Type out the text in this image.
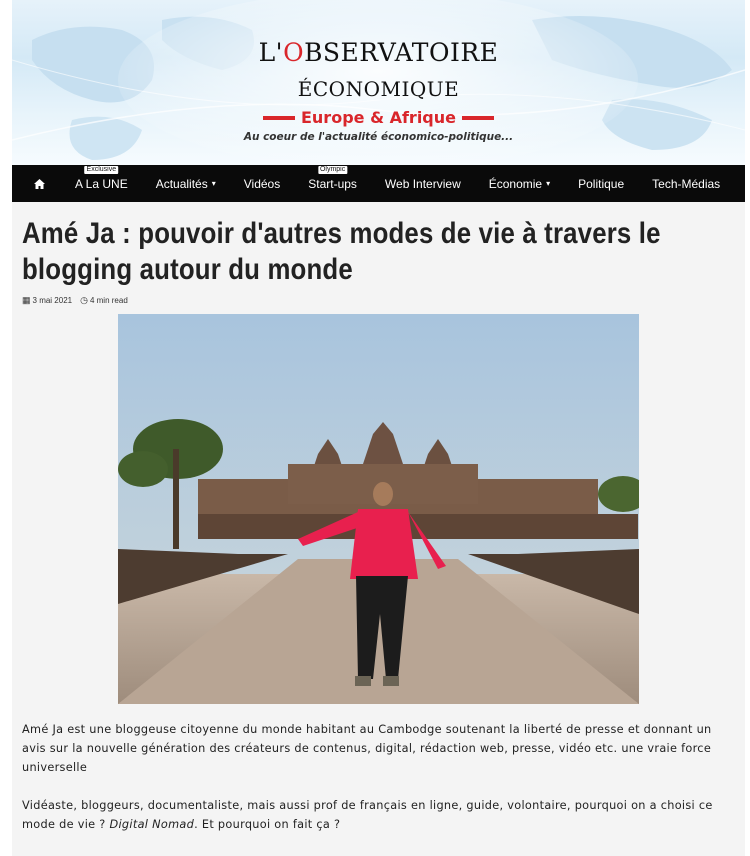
L'OBSERVATOIRE
ÉCONOMIQUE
Europe & Afrique
Au coeur de l'actualité économico-politique...
Exclusive
A La UNE Actualités ▾ Vidéos
Olympic
Start-ups Web Interview Économie ▾ Politique Tech-Médias
Amé Ja : pouvoir d'autres modes de vie à travers le blogging autour du monde
▦ 3 mai 2021 ◷ 4 min read

Amé Ja est une bloggeuse citoyenne du monde habitant au Cambodge soutenant la liberté de presse et donnant un avis sur la nouvelle génération des créateurs de contenus, digital, rédaction web, presse, vidéo etc. une vraie force universelle

Vidéaste, bloggeurs, documentaliste, mais aussi prof de français en ligne, guide, volontaire, pourquoi on a choisi ce mode de vie ? Digital Nomad. Et pourquoi on fait ça ?
